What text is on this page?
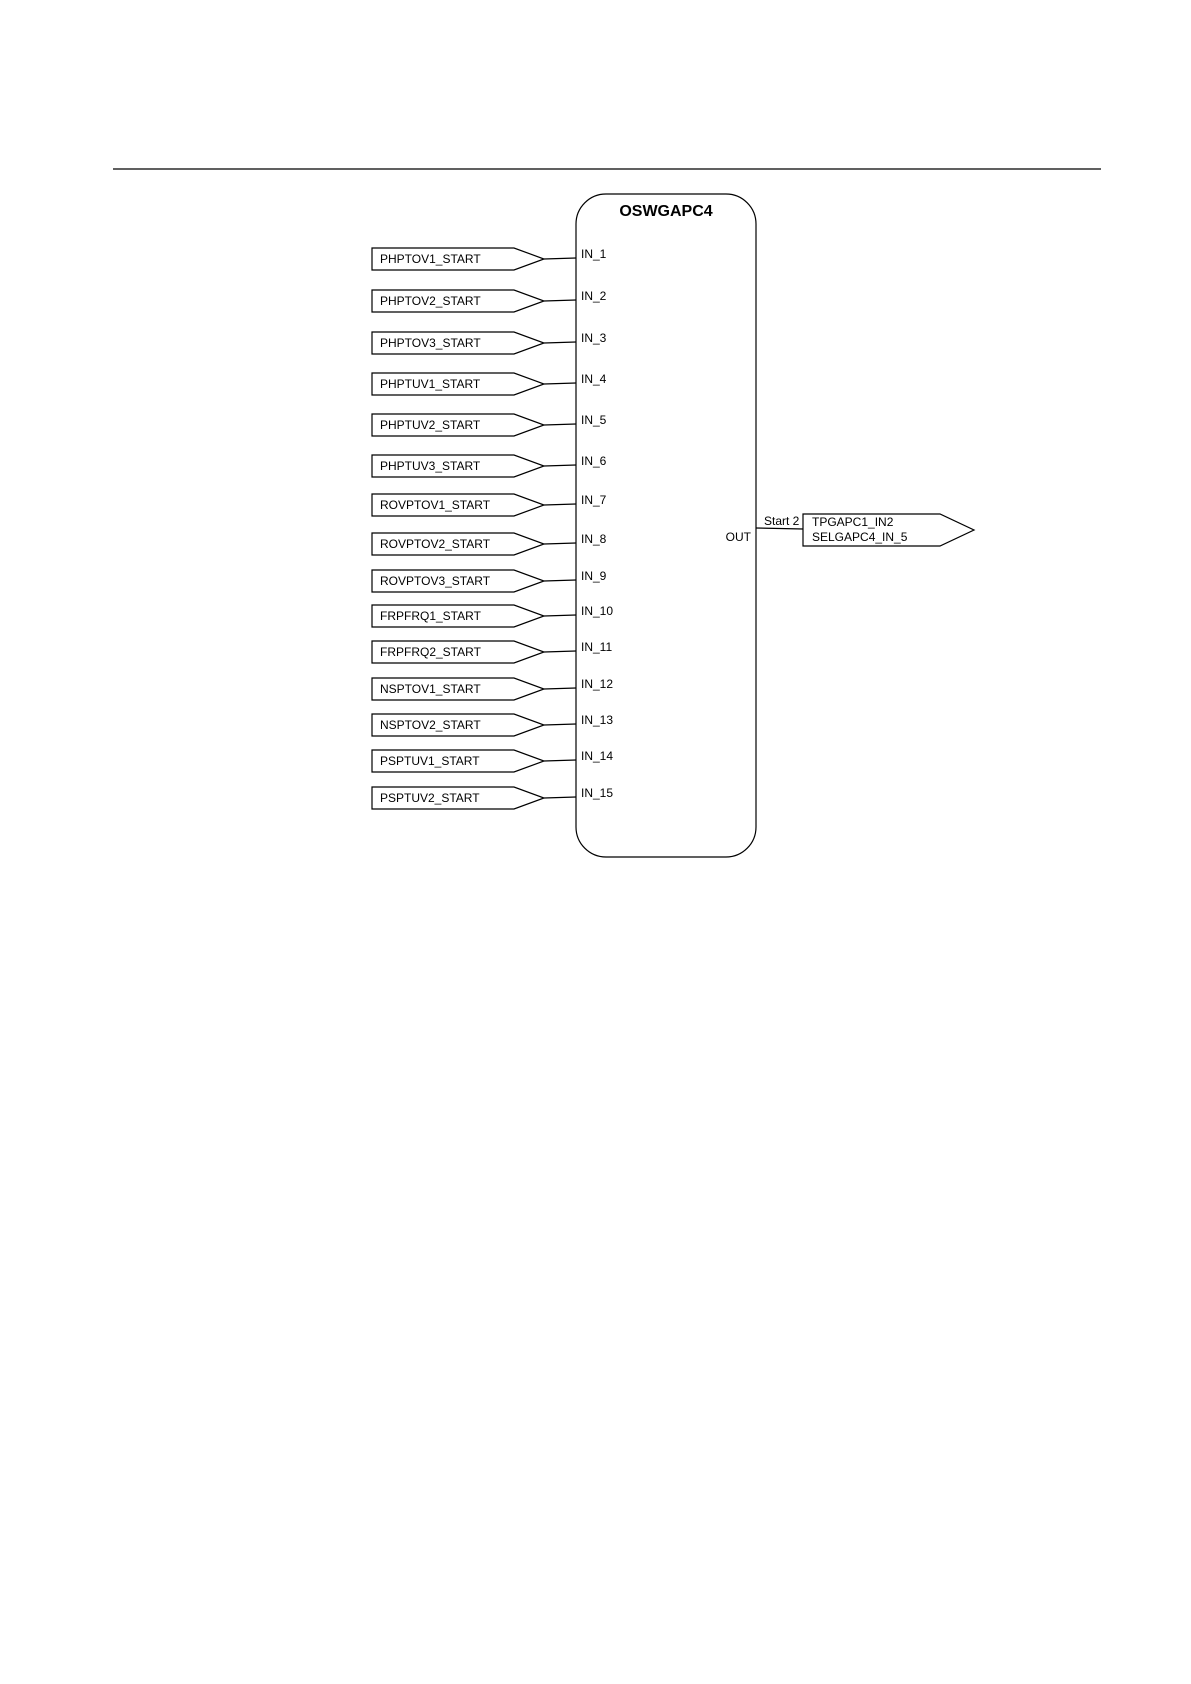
OSWGAPC4
OUT
PHPTOV1_START	IN_1
PHPTOV2_START	IN_2
PHPTOV3_START	IN_3
PHPTUV1_START	IN_4
PHPTUV2_START	IN_5
PHPTUV3_START	IN_6
ROVPTOV1_START	IN_7
ROVPTOV2_START	IN_8
ROVPTOV3_START	IN_9
FRPFRQ1_START	IN_10
FRPFRQ2_START	IN_11
NSPTOV1_START	IN_12
NSPTOV2_START	IN_13
PSPTUV1_START	IN_14
PSPTUV2_START	IN_15
Start 2 TPGAPC1_IN2
SELGAPC4_IN_5
